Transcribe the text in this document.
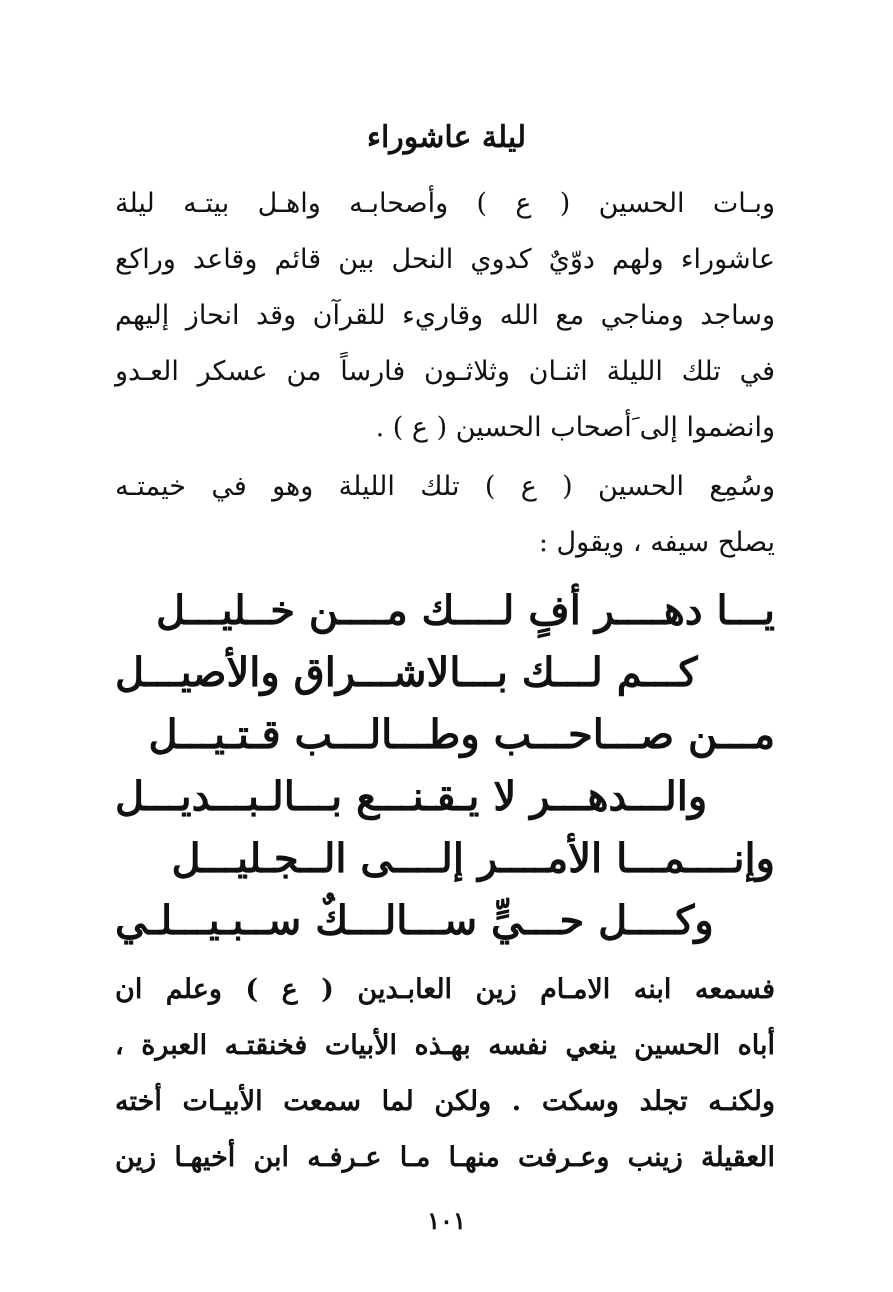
ليلة عاشوراء
وبـات الحسين ( ع ) وأصحابـه واهـل بيتـه ليلة
عاشوراء ولهم دوّيٌ كدوي النحل بين قائم وقاعد وراكع
وساجد ومناجي مع الله وقاريء للقرآن وقد انحاز إليهم
في تلك الليلة اثنـان وثلاثـون فارساً من عسكر العـدو
وانضموا إلى َأصحاب الحسين ( ع ) .
وسُمِع الحسين ( ع ) تلك الليلة وهو في خيمتـه
يصلح سيفه ، ويقول :
يـــا دهــــر أفٍ لــــك مــــن خــليـــل
كـــم لـــك بـــالاشـــراق والأصيـــل
مـــن صـــاحـــب وطـــالـــب قـتـيـــل
والـــدهـــر لا يـقـنـــع بـــالـبـــديـــل
وإنــــمـــا الأمــــر إلــــى الــجـليـــل
وكــــل حـــيٍّ ســـالـــكٌ ســبـيـــلـي
فسمعه ابنه الامـام زين العابـدين ( ع ) وعلم ان
أباه الحسين ينعي نفسه بهـذه الأبيات فخنقتـه العبرة ،
ولكنـه تجلد وسكت . ولكن لما سمعت الأبيـات أخته
العقيلة زينب وعـرفت منهـا مـا عـرفـه ابن أخيهـا زين
١٠١
